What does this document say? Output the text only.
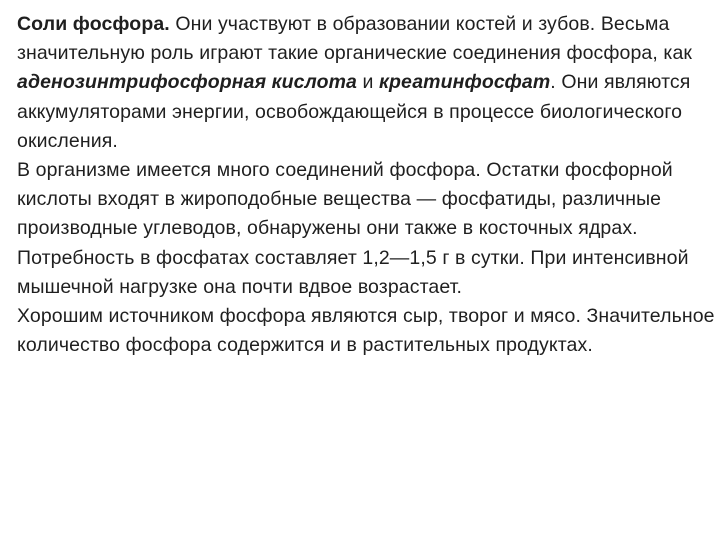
Соли фосфора. Они участвуют в образовании костей и зубов. Весьма значительную роль играют такие органические соединения фосфора, как аденозинтрифосфорная кислота и креатинфосфат. Они являются аккумуляторами энергии, освобождающейся в процессе биологического окисления.

В организме имеется много соединений фосфора. Остатки фосфорной кислоты входят в жироподобные вещества — фосфатиды, различные производные углеводов, обнаружены они также в косточных ядрах.

Потребность в фосфатах составляет 1,2—1,5 г в сутки. При интенсивной мышечной нагрузке она почти вдвое возрастает.

Хорошим источником фосфора являются сыр, творог и мясо. Значительное количество фосфора содержится и в растительных продуктах.
